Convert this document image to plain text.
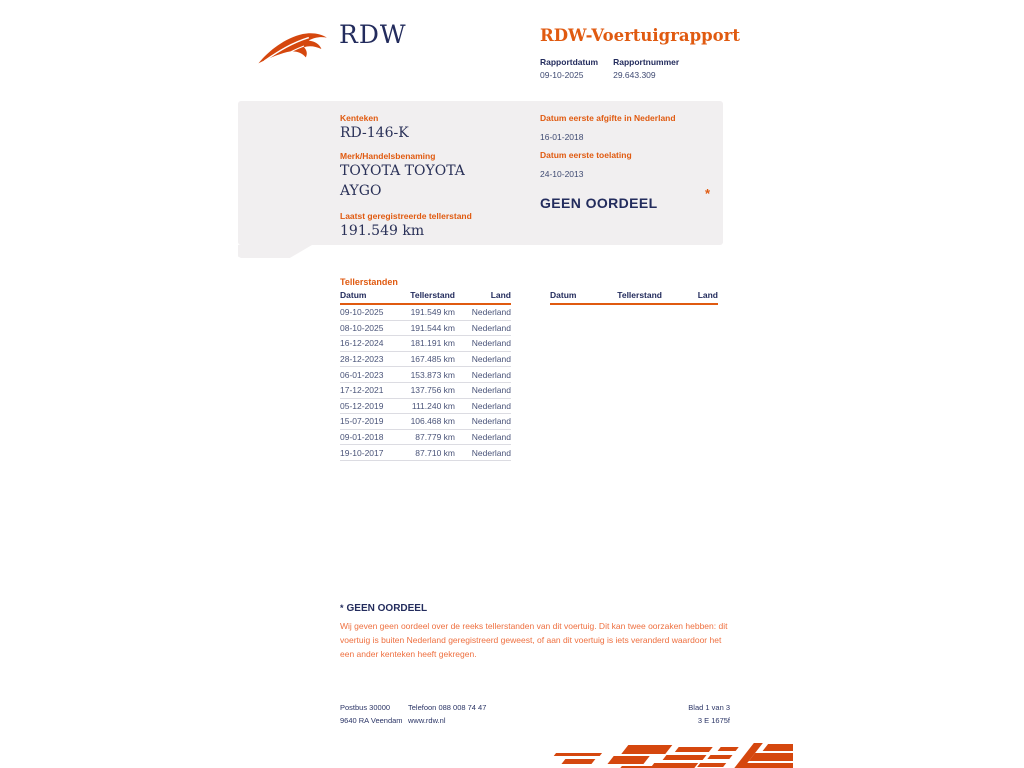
RDW	RDW-Voertuigrapport
Rapportdatum
09-10-2025
Rapportnummer
29.643.309
Kenteken
RD-146-K
Merk/Handelsbenaming
TOYOTA TOYOTA AYGO
Laatst geregistreerde tellerstand
191.549 km
Datum eerste afgifte in Nederland
16-01-2018
Datum eerste toelating
24-10-2013
GEEN OORDEEL
*
Tellerstanden
Datum	Tellerstand	Land
09-10-2025	191.549 km	Nederland
08-10-2025	191.544 km	Nederland
16-12-2024	181.191 km	Nederland
28-12-2023	167.485 km	Nederland
06-01-2023	153.873 km	Nederland
17-12-2021	137.756 km	Nederland
05-12-2019	111.240 km	Nederland
15-07-2019	106.468 km	Nederland
09-01-2018	87.779 km	Nederland
19-10-2017	87.710 km	Nederland
Datum	Tellerstand	Land
* GEEN OORDEEL
Wij geven geen oordeel over de reeks tellerstanden van dit voertuig. Dit kan twee oorzaken hebben: dit voertuig is buiten Nederland geregistreerd geweest, of aan dit voertuig is iets veranderd waardoor het een ander kenteken heeft gekregen.
Postbus 30000
9640 RA Veendam
Telefoon 088 008 74 47
www.rdw.nl
Blad 1 van 3
3 E 1675f
